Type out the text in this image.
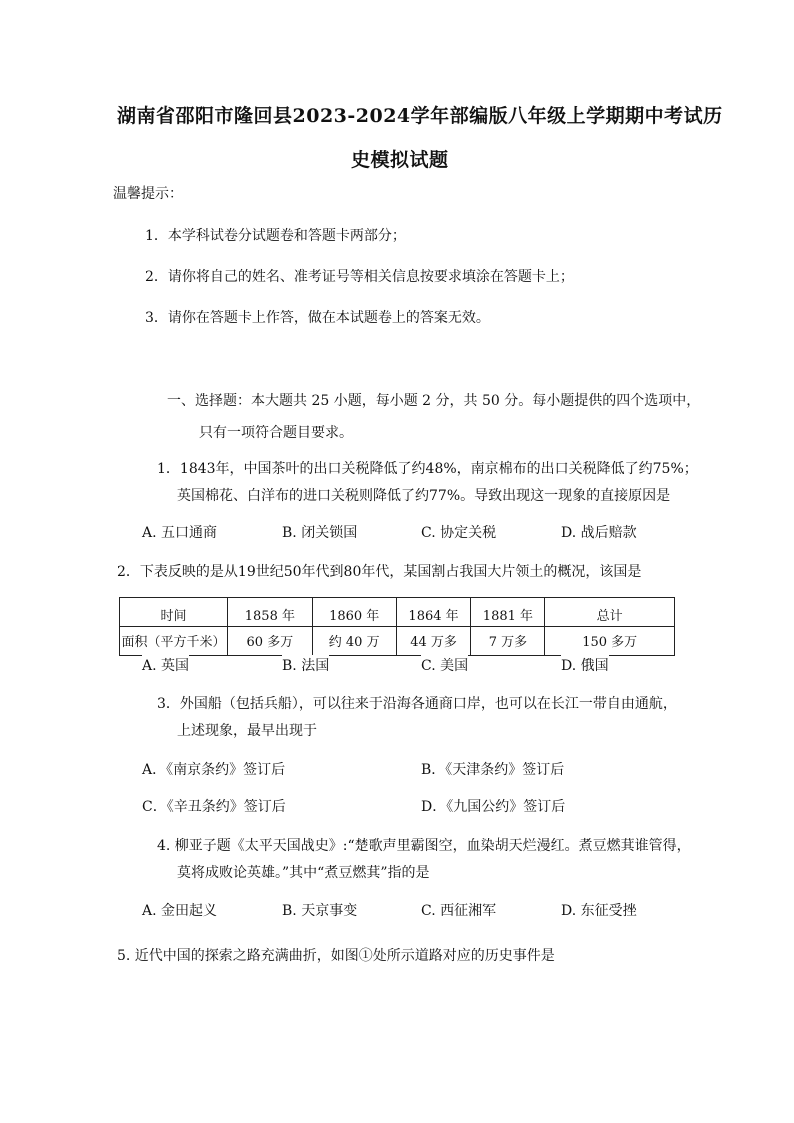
湖南省邵阳市隆回县2023-2024学年部编版八年级上学期期中考试历
史模拟试题
温馨提示：
1．本学科试卷分试题卷和答题卡两部分；
2．请你将自己的姓名、准考证号等相关信息按要求填涂在答题卡上；
3．请你在答题卡上作答，做在本试题卷上的答案无效。
一、选择题：本大题共 25 小题，每小题 2 分，共 50 分。每小题提供的四个选项中，
只有一项符合题目要求。
1．1843年，中国茶叶的出口关税降低了约48%，南京棉布的出口关税降低了约75%；
英国棉花、白洋布的进口关税则降低了约77%。导致出现这一现象的直接原因是
A. 五口通商	B. 闭关锁国	C. 协定关税	D. 战后赔款
2．下表反映的是从19世纪50年代到80年代，某国割占我国大片领土的概况，该国是
时间	1858 年	1860 年	1864 年	1881 年	总计
面积（平方千米）	60 多万	约 40 万	44 万多	7 万多	150 多万
A. 英国	B. 法国	C. 美国	D. 俄国
3．外国船（包括兵船），可以往来于沿海各通商口岸，也可以在长江一带自由通航，
上述现象，最早出现于
A．《南京条约》签订后	B．《天津条约》签订后
C．《辛丑条约》签订后	D．《九国公约》签订后
4. 柳亚子题《太平天国战史》:“楚歌声里霸图空，血染胡天烂漫红。煮豆燃萁谁管得，
莫将成败论英雄。”其中“煮豆燃萁”指的是
A. 金田起义	B. 天京事变	C. 西征湘军	D. 东征受挫
5. 近代中国的探索之路充满曲折，如图①处所示道路对应的历史事件是
